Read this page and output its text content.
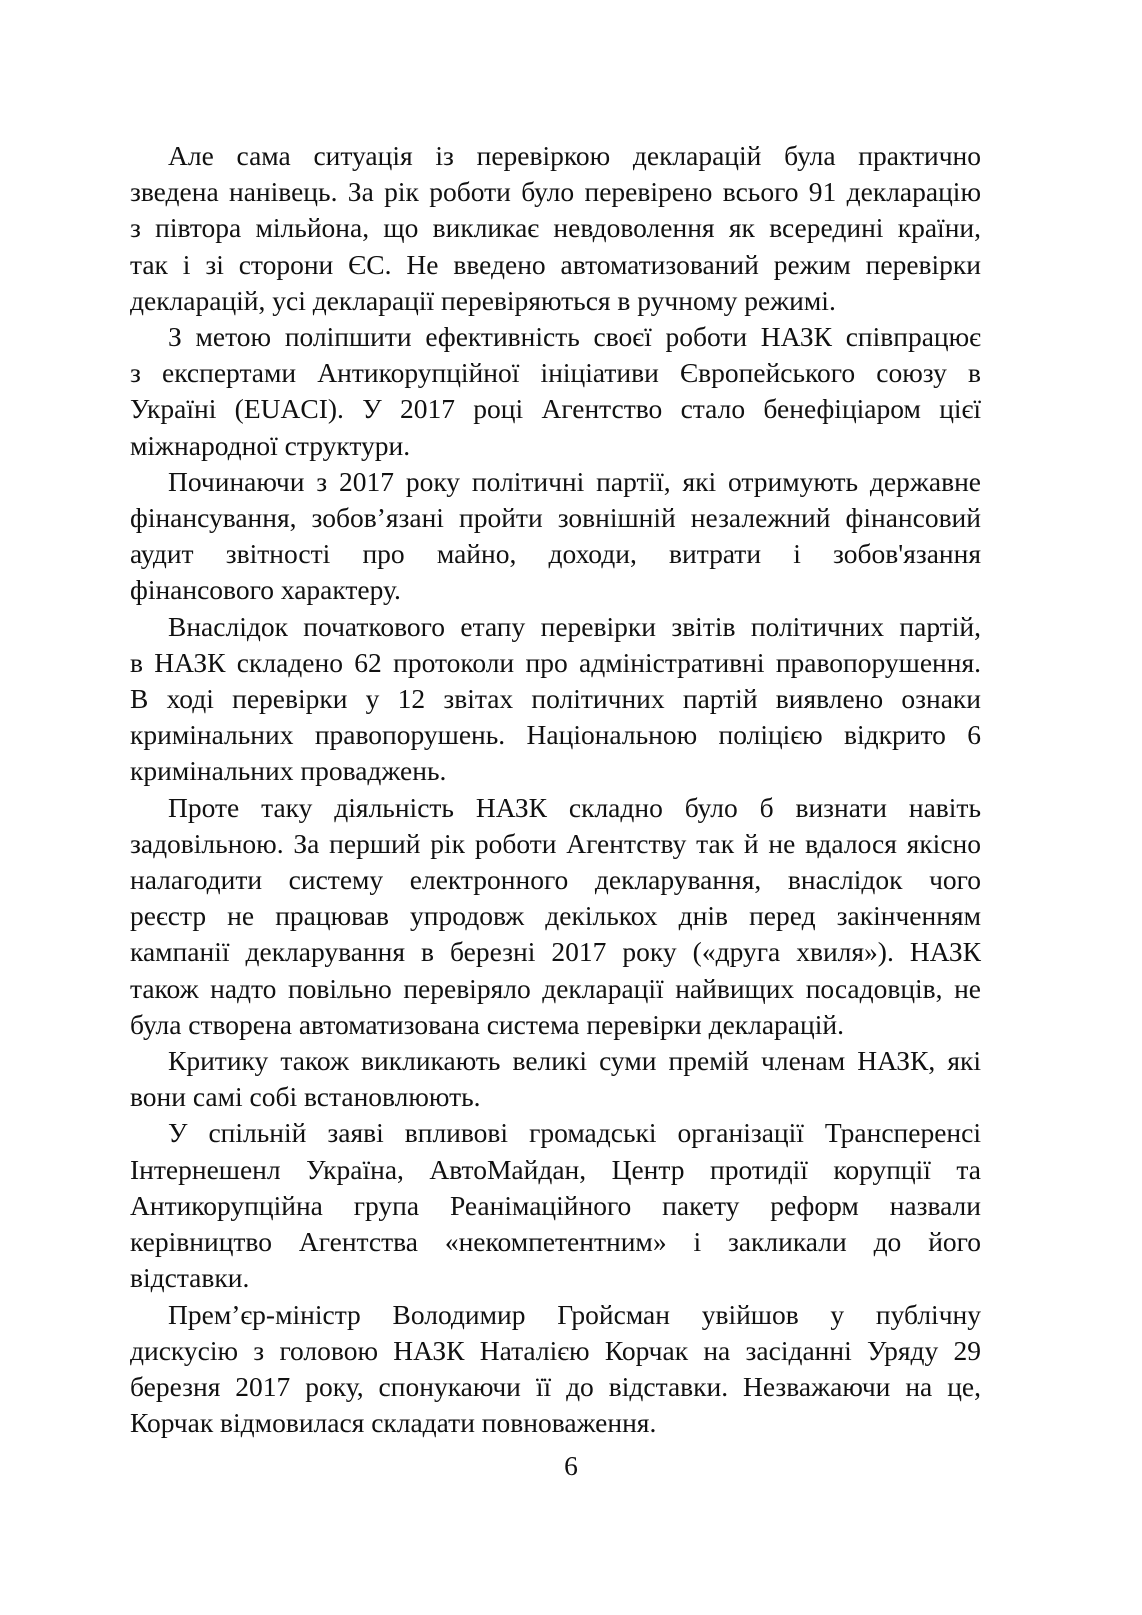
Але сама ситуація із перевіркою декларацій була практично
зведена нанівець. За рік роботи було перевірено всього 91 декларацію
з півтора мільйона, що викликає невдоволення як всередині країни,
так і зі сторони ЄС. Не введено автоматизований режим перевірки
декларацій, усі декларації перевіряються в ручному режимі.
З метою поліпшити ефективність своєї роботи НАЗК співпрацює
з експертами Антикорупційної ініціативи Європейського союзу в
Україні (EUACI). У 2017 році Агентство стало бенефіціаром цієї
міжнародної структури.
Починаючи з 2017 року політичні партії, які отримують державне
фінансування, зобов’язані пройти зовнішній незалежний фінансовий
аудит звітності про майно, доходи, витрати і зобов'язання
фінансового характеру.
Внаслідок початкового етапу перевірки звітів політичних партій,
в НАЗК складено 62 протоколи про адміністративні правопорушення.
В ході перевірки у 12 звітах політичних партій виявлено ознаки
кримінальних правопорушень. Національною поліцією відкрито 6
кримінальних проваджень.
Проте таку діяльність НАЗК складно було б визнати навіть
задовільною. За перший рік роботи Агентству так й не вдалося якісно
налагодити систему електронного декларування, внаслідок чого
реєстр не працював упродовж декількох днів перед закінченням
кампанії декларування в березні 2017 року («друга хвиля»). НАЗК
також надто повільно перевіряло декларації найвищих посадовців, не
була створена автоматизована система перевірки декларацій.
Критику також викликають великі суми премій членам НАЗК, які
вони самі собі встановлюють.
У спільній заяві впливові громадські організації Трансперенсі
Інтернешенл Україна, АвтоМайдан, Центр протидії корупції та
Антикорупційна група Реанімаційного пакету реформ назвали
керівництво Агентства «некомпетентним» і закликали до його
відставки.
Прем’єр-міністр Володимир Гройсман увійшов у публічну
дискусію з головою НАЗК Наталією Корчак на засіданні Уряду 29
березня 2017 року, спонукаючи її до відставки. Незважаючи на це,
Корчак відмовилася складати повноваження.
6
